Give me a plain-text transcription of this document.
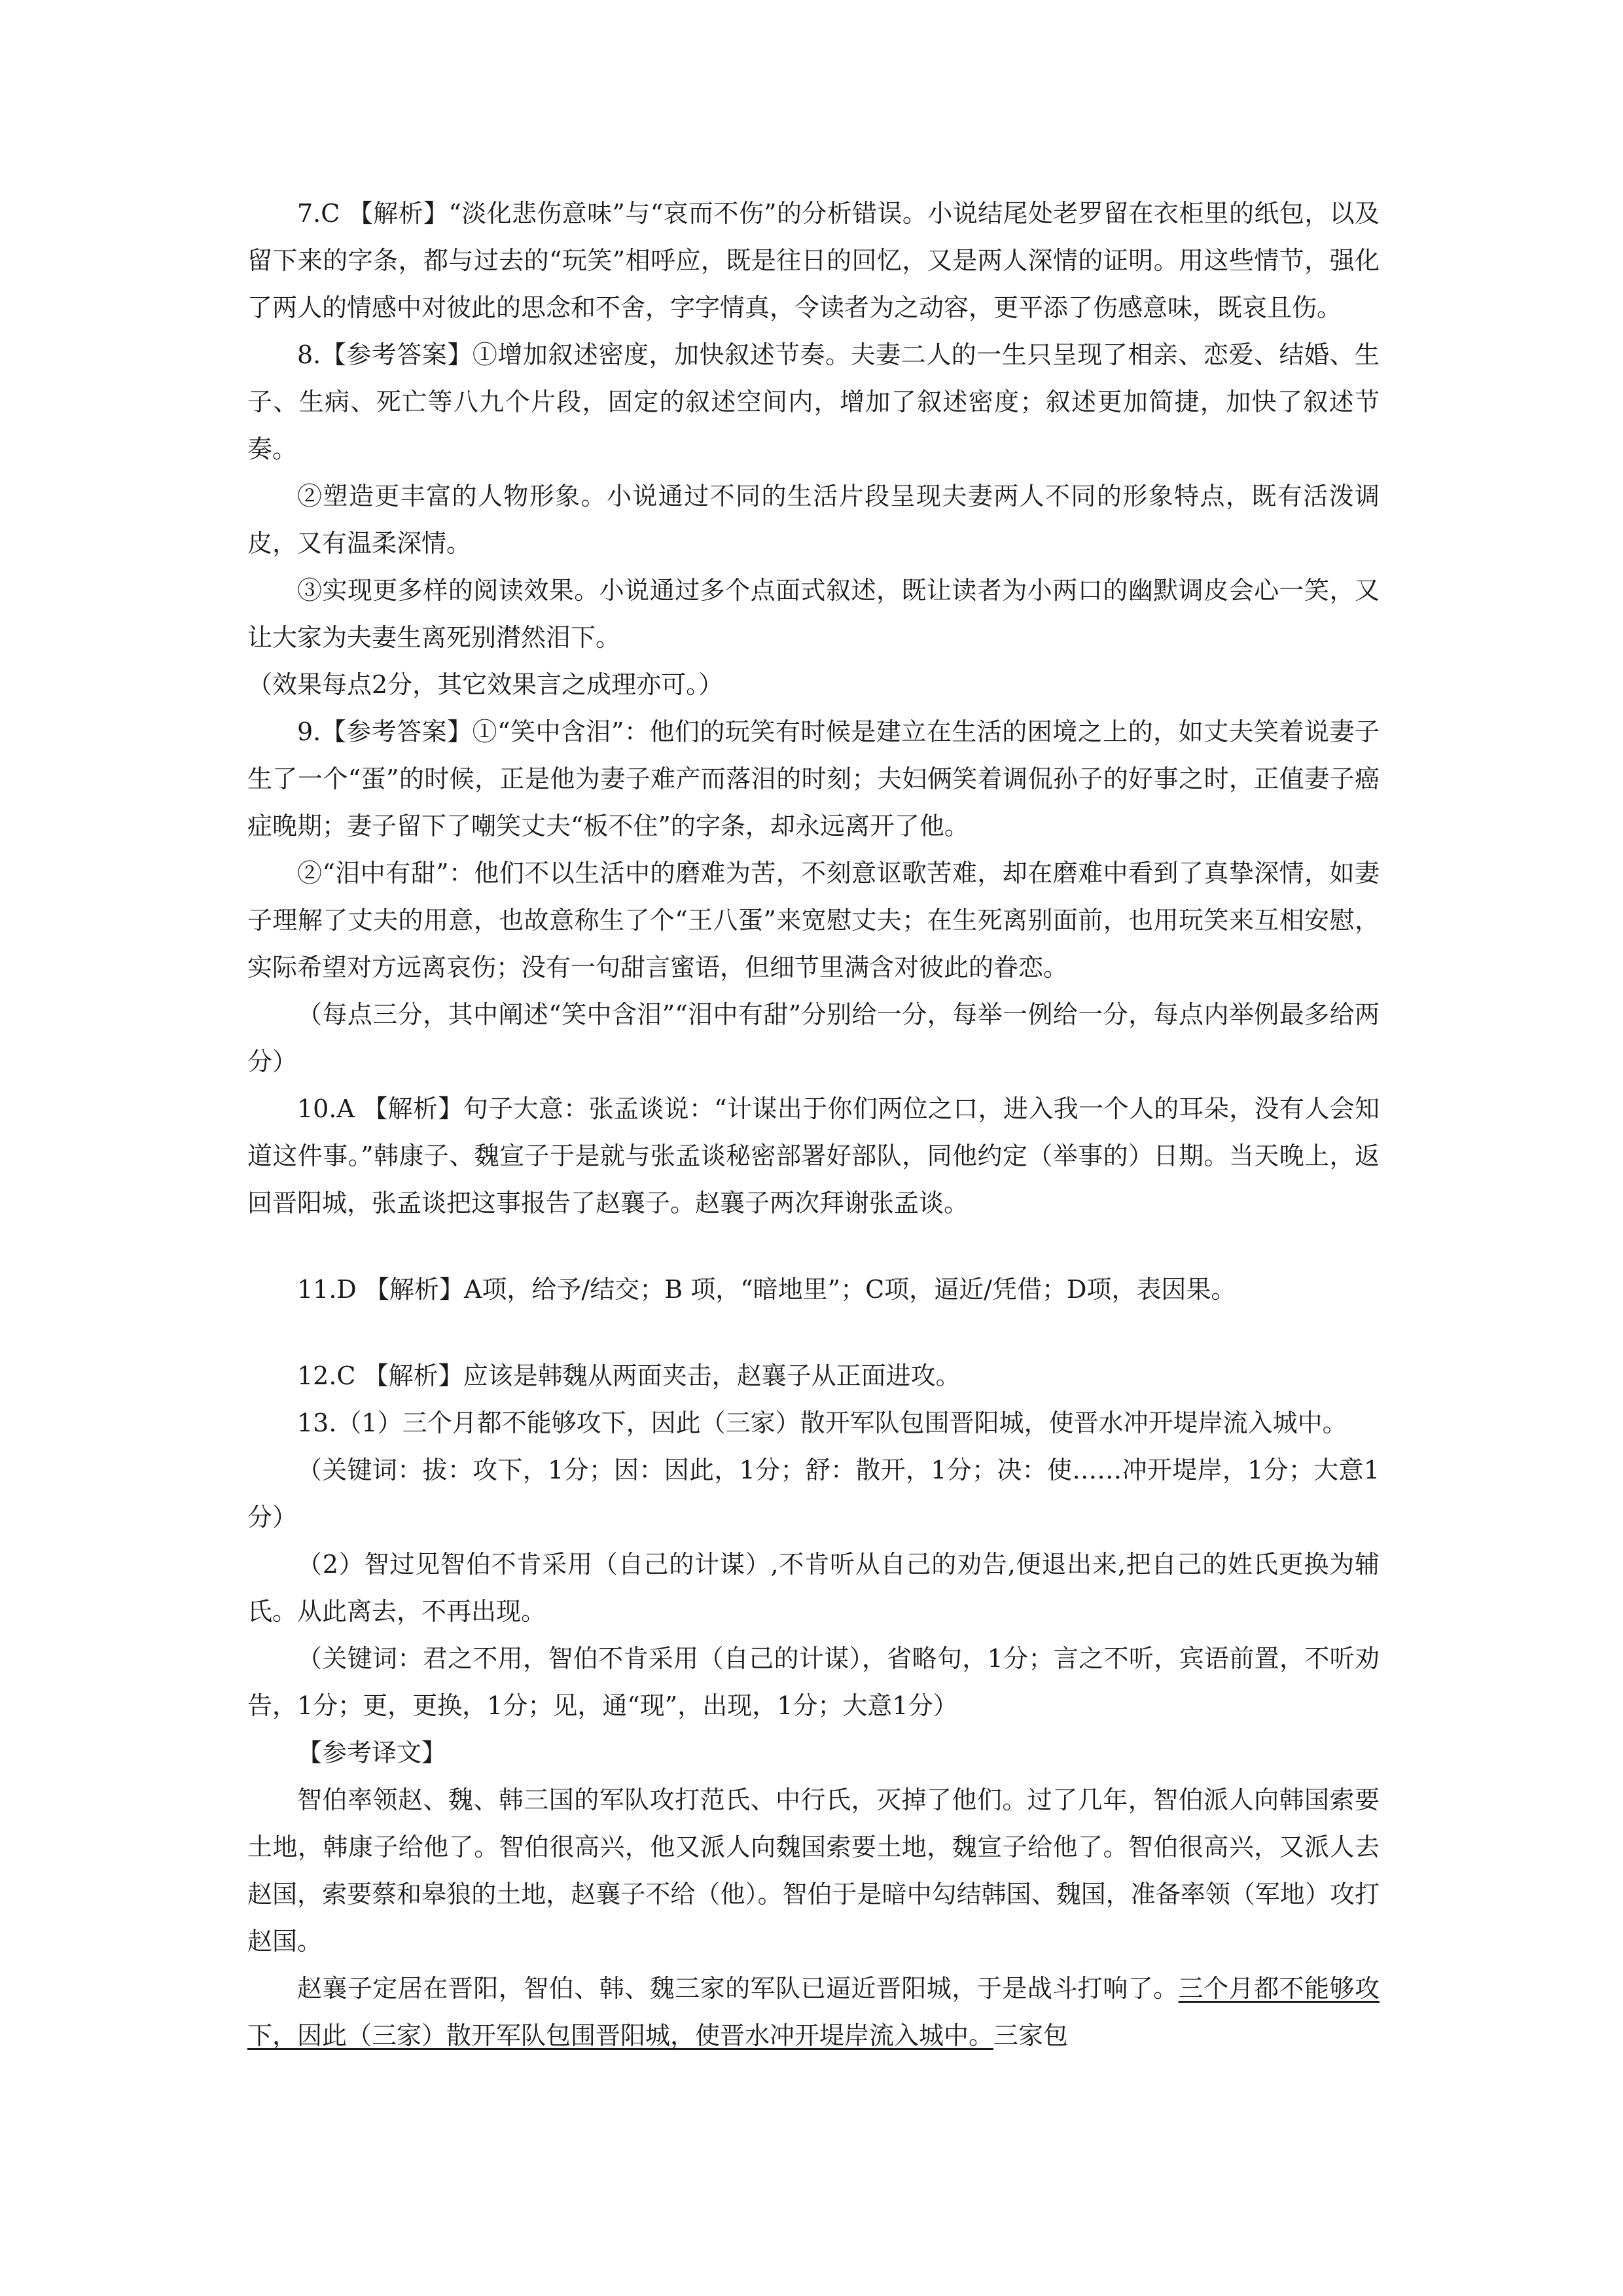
7.C 【解析】“淡化悲伤意味”与“哀而不伤”的分析错误。小说结尾处老罗留在衣柜里的纸包，以及留下来的字条，都与过去的“玩笑”相呼应，既是往日的回忆，又是两人深情的证明。用这些情节，强化了两人的情感中对彼此的思念和不舍，字字情真，令读者为之动容，更平添了伤感意味，既哀且伤。

8.【参考答案】①增加叙述密度，加快叙述节奏。夫妻二人的一生只呈现了相亲、恋爱、结婚、生子、生病、死亡等八九个片段，固定的叙述空间内，增加了叙述密度；叙述更加简捷，加快了叙述节奏。

②塑造更丰富的人物形象。小说通过不同的生活片段呈现夫妻两人不同的形象特点，既有活泼调皮，又有温柔深情。

③实现更多样的阅读效果。小说通过多个点面式叙述，既让读者为小两口的幽默调皮会心一笑，又让大家为夫妻生离死别潸然泪下。

（效果每点2分，其它效果言之成理亦可。）

9.【参考答案】①“笑中含泪”：他们的玩笑有时候是建立在生活的困境之上的，如丈夫笑着说妻子生了一个“蛋”的时候，正是他为妻子难产而落泪的时刻；夫妇俩笑着调侃孙子的好事之时，正值妻子癌症晚期；妻子留下了嘲笑丈夫“板不住”的字条，却永远离开了他。

②“泪中有甜”：他们不以生活中的磨难为苦，不刻意讴歌苦难，却在磨难中看到了真挚深情，如妻子理解了丈夫的用意，也故意称生了个“王八蛋”来宽慰丈夫；在生死离别面前，也用玩笑来互相安慰，实际希望对方远离哀伤；没有一句甜言蜜语，但细节里满含对彼此的眷恋。

（每点三分，其中阐述“笑中含泪”“泪中有甜”分别给一分，每举一例给一分，每点内举例最多给两分）

10.A 【解析】句子大意：张孟谈说：“计谋出于你们两位之口，进入我一个人的耳朵，没有人会知道这件事。”韩康子、魏宣子于是就与张孟谈秘密部署好部队，同他约定（举事的）日期。当天晚上，返回晋阳城，张孟谈把这事报告了赵襄子。赵襄子两次拜谢张孟谈。

11.D 【解析】A项，给予/结交；B 项，“暗地里”；C项，逼近/凭借；D项，表因果。

12.C 【解析】应该是韩魏从两面夹击，赵襄子从正面进攻。

13.（1）三个月都不能够攻下，因此（三家）散开军队包围晋阳城，使晋水冲开堤岸流入城中。

（关键词：拔：攻下，1分；因：因此，1分；舒：散开，1分；决：使……冲开堤岸，1分；大意1分）

（2）智过见智伯不肯采用（自己的计谋）,不肯听从自己的劝告,便退出来,把自己的姓氏更换为辅氏。从此离去，不再出现。

（关键词：君之不用，智伯不肯采用（自己的计谋），省略句，1分；言之不听，宾语前置，不听劝告，1分；更，更换，1分；见，通“现”，出现，1分；大意1分）

【参考译文】

智伯率领赵、魏、韩三国的军队攻打范氏、中行氏，灭掉了他们。过了几年，智伯派人向韩国索要土地，韩康子给他了。智伯很高兴，他又派人向魏国索要土地，魏宣子给他了。智伯很高兴，又派人去赵国，索要蔡和皋狼的土地，赵襄子不给（他）。智伯于是暗中勾结韩国、魏国，准备率领（军地）攻打赵国。

赵襄子定居在晋阳，智伯、韩、魏三家的军队已逼近晋阳城，于是战斗打响了。三个月都不能够攻下，因此（三家）散开军队包围晋阳城，使晋水冲开堤岸流入城中。三家包
